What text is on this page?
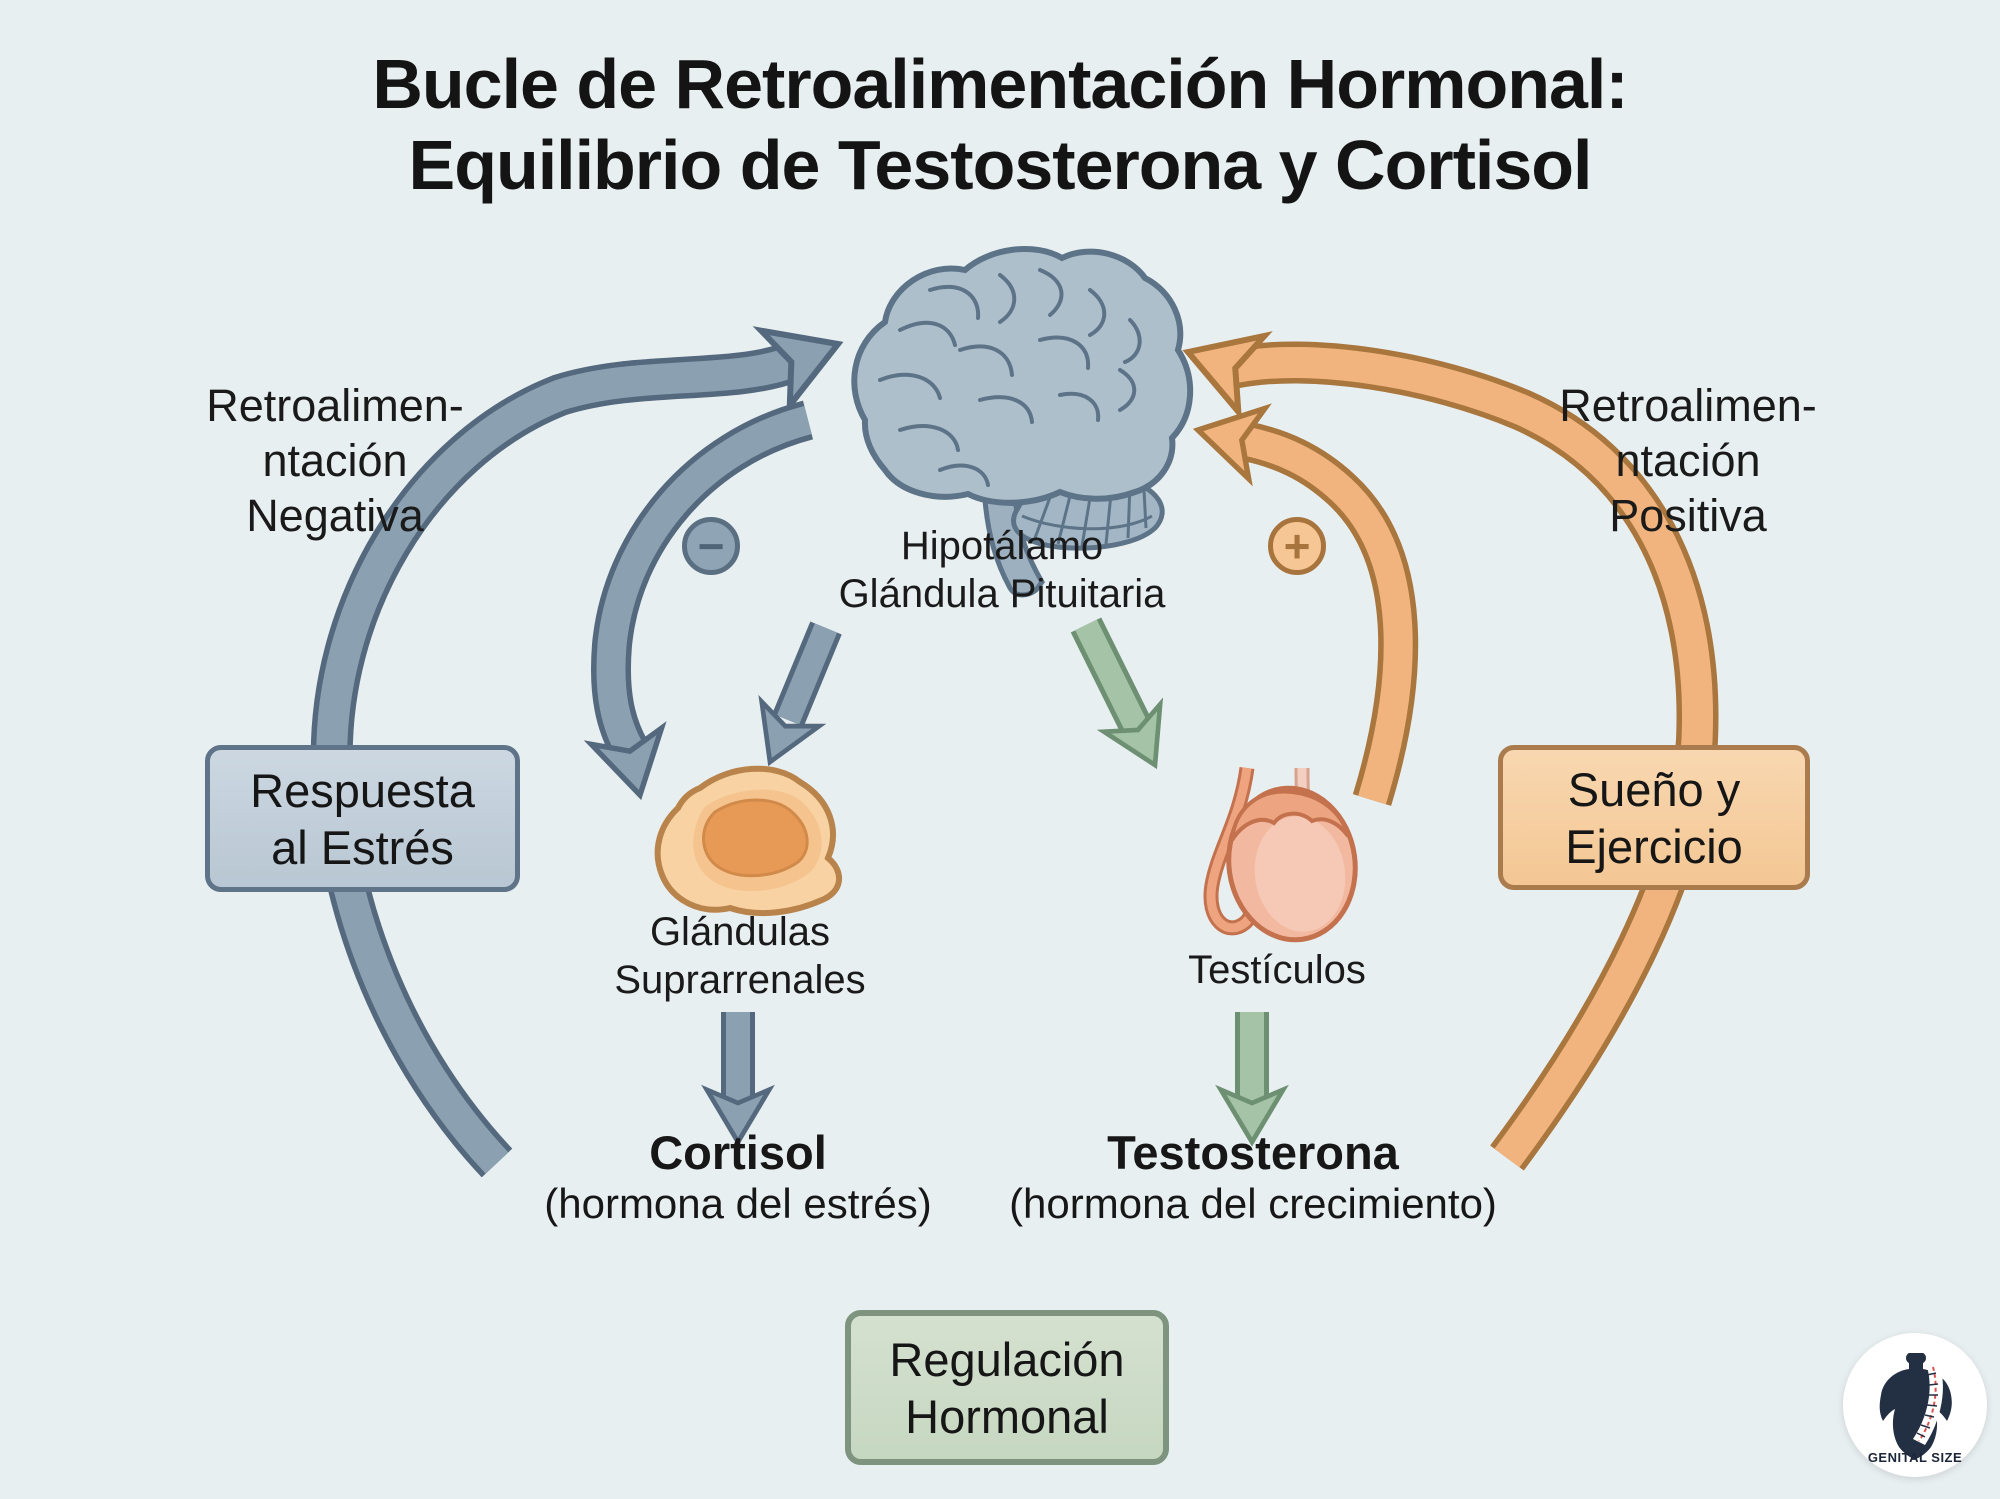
Bucle de Retroalimentación Hormonal:
Equilibrio de Testosterona y Cortisol
Retroalimen-
ntación
Negativa
Retroalimen-
ntación
Positiva
−	+
Hipotálamo
Glándula Pituitaria
Glándulas
Suprarrenales	Testículos
Cortisol
(hormona del estrés)
Testosterona
(hormona del crecimiento)
Respuesta
al Estrés
Sueño y
Ejercicio
Regulación
Hormonal
GENITAL SIZE
